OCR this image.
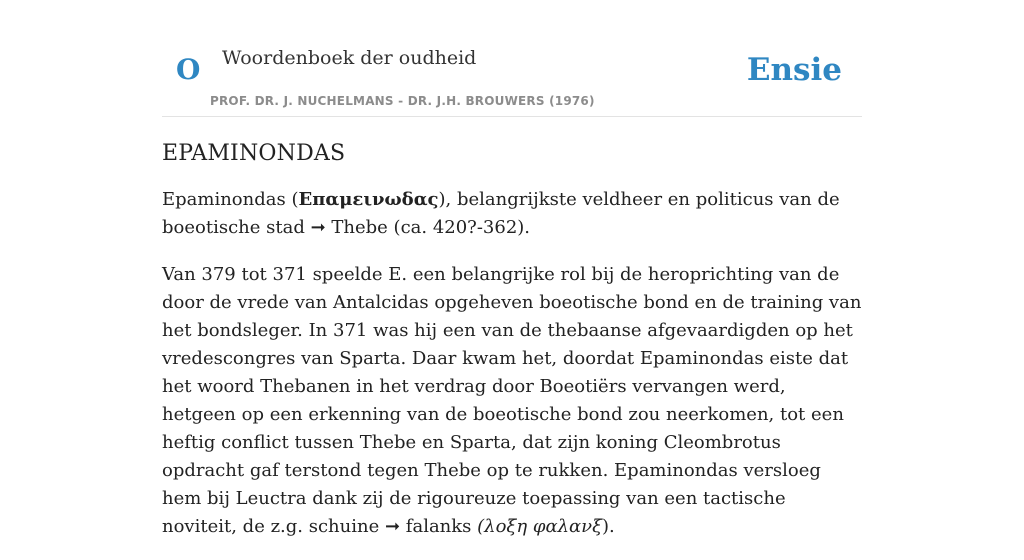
O Woordenboek der oudheid
PROF. DR. J. NUCHELMANS - DR. J.H. BROUWERS (1976)
Ensie
EPAMINONDAS

Epaminondas (Επαμεινωδας), belangrijkste veldheer en politicus van de boeotische stad ➞ Thebe (ca. 420?-362).

Van 379 tot 371 speelde E. een belangrijke rol bij de heroprichting van de door de vrede van Antalcidas opgeheven boeotische bond en de training van het bondsleger. In 371 was hij een van de thebaanse afgevaardigden op het vredescongres van Sparta. Daar kwam het, doordat Epaminondas eiste dat het woord Thebanen in het verdrag door Boeotiërs vervangen werd, hetgeen op een erkenning van de boeotische bond zou neerkomen, tot een heftig conflict tussen Thebe en Sparta, dat zijn koning Cleombrotus opdracht gaf terstond tegen Thebe op te rukken. Epaminondas versloeg hem bij Leuctra dank zij de rigoureuze toepassing van een tactische noviteit, de z.g. schuine ➞ falanks (λοξη φαλανξ).
